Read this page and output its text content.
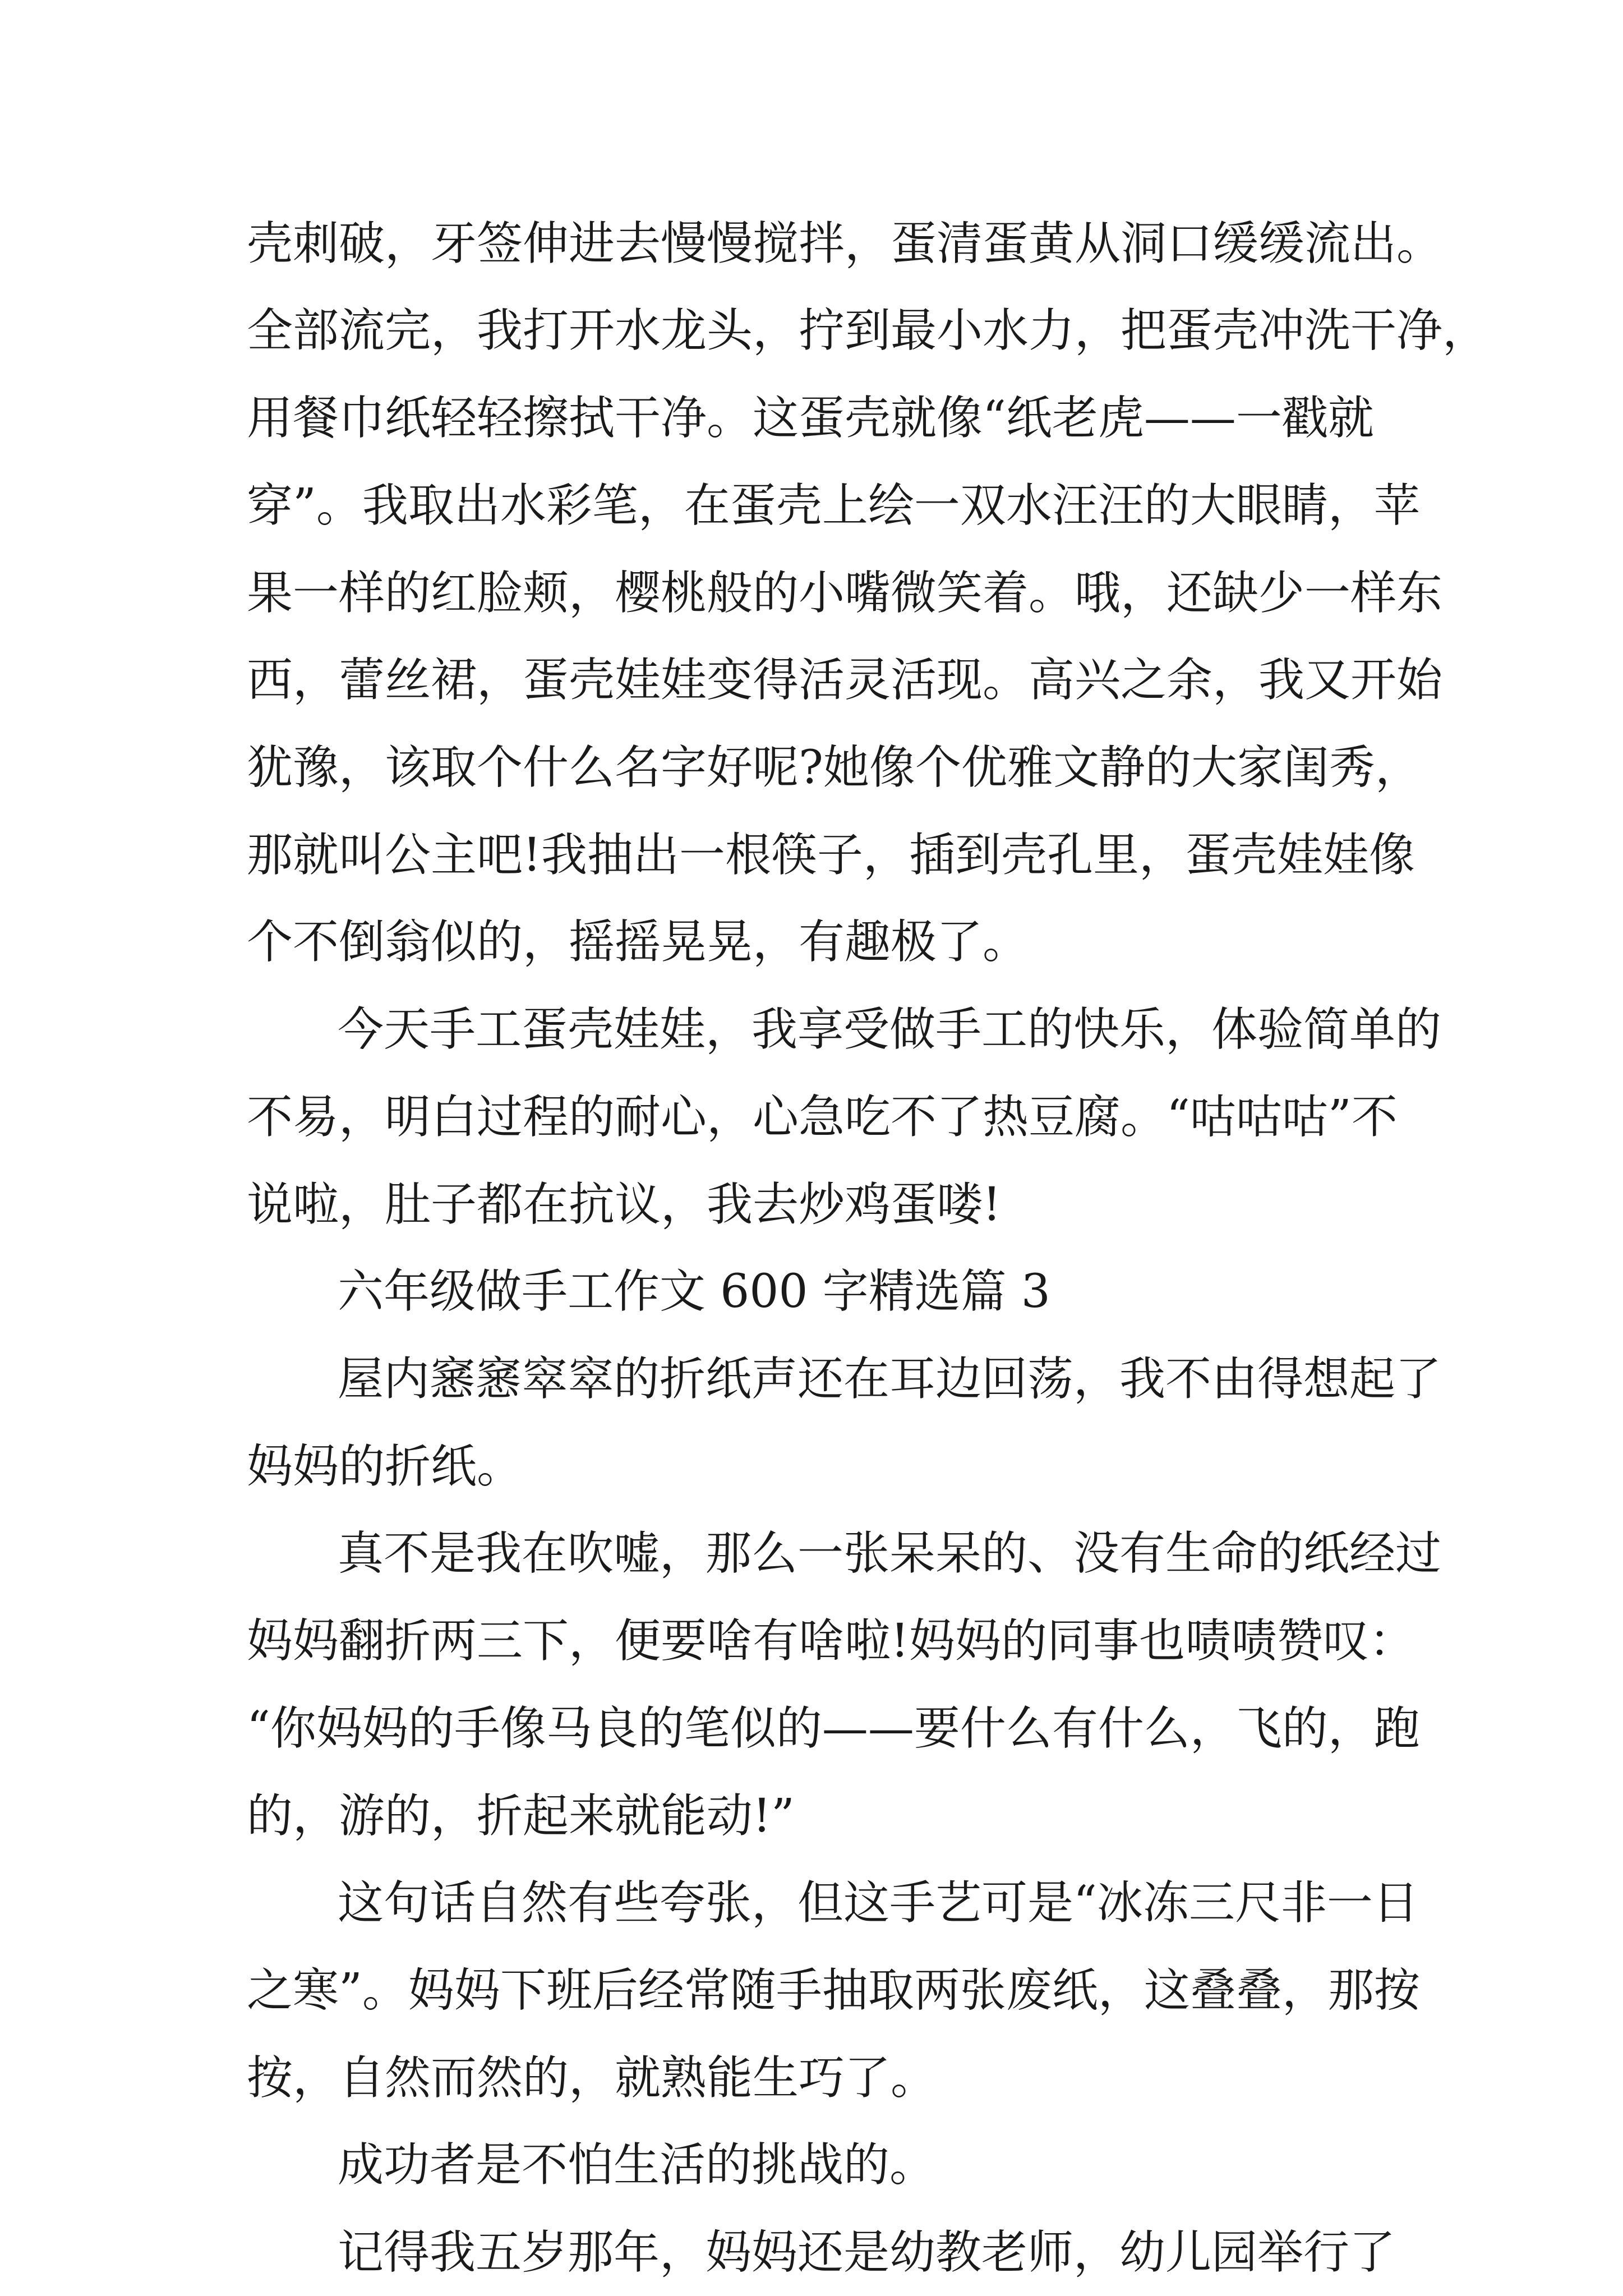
壳刺破，牙签伸进去慢慢搅拌，蛋清蛋黄从洞口缓缓流出。
全部流完，我打开水龙头，拧到最小水力，把蛋壳冲洗干净，
用餐巾纸轻轻擦拭干净。这蛋壳就像“纸老虎——一戳就
穿”。我取出水彩笔，在蛋壳上绘一双水汪汪的大眼睛，苹
果一样的红脸颊，樱桃般的小嘴微笑着。哦，还缺少一样东
西，蕾丝裙，蛋壳娃娃变得活灵活现。高兴之余，我又开始
犹豫，该取个什么名字好呢?她像个优雅文静的大家闺秀，
那就叫公主吧!我抽出一根筷子，插到壳孔里，蛋壳娃娃像
个不倒翁似的，摇摇晃晃，有趣极了。
今天手工蛋壳娃娃，我享受做手工的快乐，体验简单的
不易，明白过程的耐心，心急吃不了热豆腐。“咕咕咕”不
说啦，肚子都在抗议，我去炒鸡蛋喽!
六年级做手工作文 600 字精选篇 3
屋内窸窸窣窣的折纸声还在耳边回荡，我不由得想起了
妈妈的折纸。
真不是我在吹嘘，那么一张呆呆的、没有生命的纸经过
妈妈翻折两三下，便要啥有啥啦!妈妈的同事也啧啧赞叹：
“你妈妈的手像马良的笔似的——要什么有什么，飞的，跑
的，游的，折起来就能动!”
这句话自然有些夸张，但这手艺可是“冰冻三尺非一日
之寒”。妈妈下班后经常随手抽取两张废纸，这叠叠，那按
按，自然而然的，就熟能生巧了。
成功者是不怕生活的挑战的。
记得我五岁那年，妈妈还是幼教老师，幼儿园举行了
